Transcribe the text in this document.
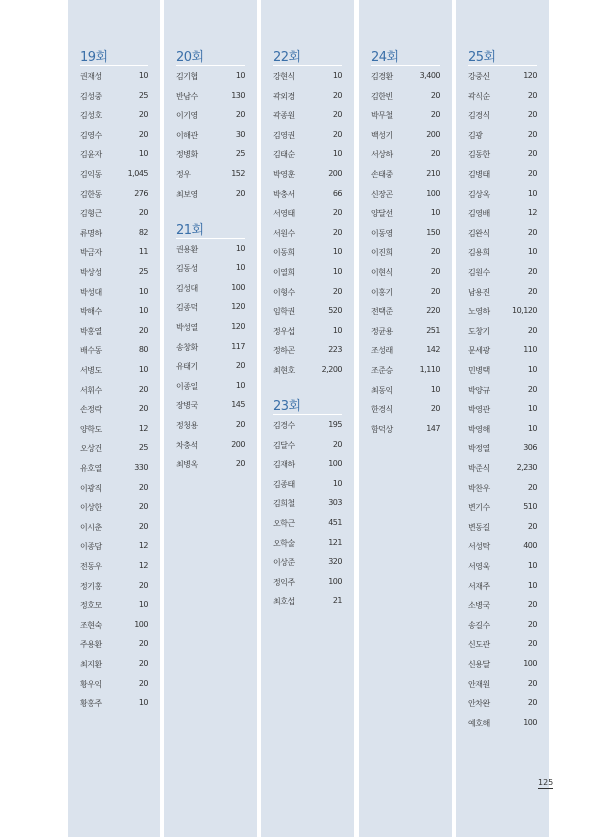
19회
권재성	10
김성중	25
김성호	20
김영수	20
김윤자	10
김익동	1,045
김한동	276
김형근	20
류명하	82
박금자	11
박상성	25
박성대	10
박해수	10
박홍열	20
배수동	80
서병도	10
서휘수	20
손정락	20
양학도	12
오상건	25
유호열	330
이광직	20
이상한	20
이시춘	20
이종담	12
전동우	12
정기홍	20
정호모	10
조현숙	100
주용환	20
최지환	20
황우익	20
황홍주	10
20회
김기협	10
반남수	130
이기영	20
이해관	30
정병화	25
정우	152
최보영	20
21회
권용환	10
김동성	10
김성대	100
김종덕	120
박성열	120
송창화	117
유태기	20
이종일	10
장병국	145
정청용	20
차충석	200
최병옥	20
22회
강현식	10
곽외경	20
곽종원	20
김영권	20
김태순	10
박영훈	200
박충서	66
서영태	20
서원수	20
이동희	10
이열희	10
이형수	20
임학권	520
정우섭	10
정하곤	223
최현호	2,200
23회
김경수	195
김달수	20
김재하	100
김종태	10
김희철	303
오학근	451
오학술	121
이상준	320
정익주	100
최호섭	21
24회
김경환	3,400
김한빈	20
박무철	20
백성기	200
서상하	20
손태중	210
신장곤	100
양달선	10
이동영	150
이진희	20
이현식	20
이홍기	20
전택준	220
정균용	251
조성래	142
조준승	1,110
최동익	10
한경식	20
함덕상	147
25회
강중신	120
곽식순	20
김경식	20
김광	20
김동한	20
김병태	20
김상옥	10
김영배	12
김완식	20
김용희	10
김원수	20
남용진	20
노영하	10,120
도창기	20
문세광	110
민병택	10
박양규	20
박영관	10
박영해	10
박정열	306
박준식	2,230
박찬우	20
변기수	510
변동길	20
서성탁	400
서영욱	10
서재주	10
소병국	20
송길수	20
신도관	20
신용달	100
안재원	20
안차완	20
예호해	100
125
